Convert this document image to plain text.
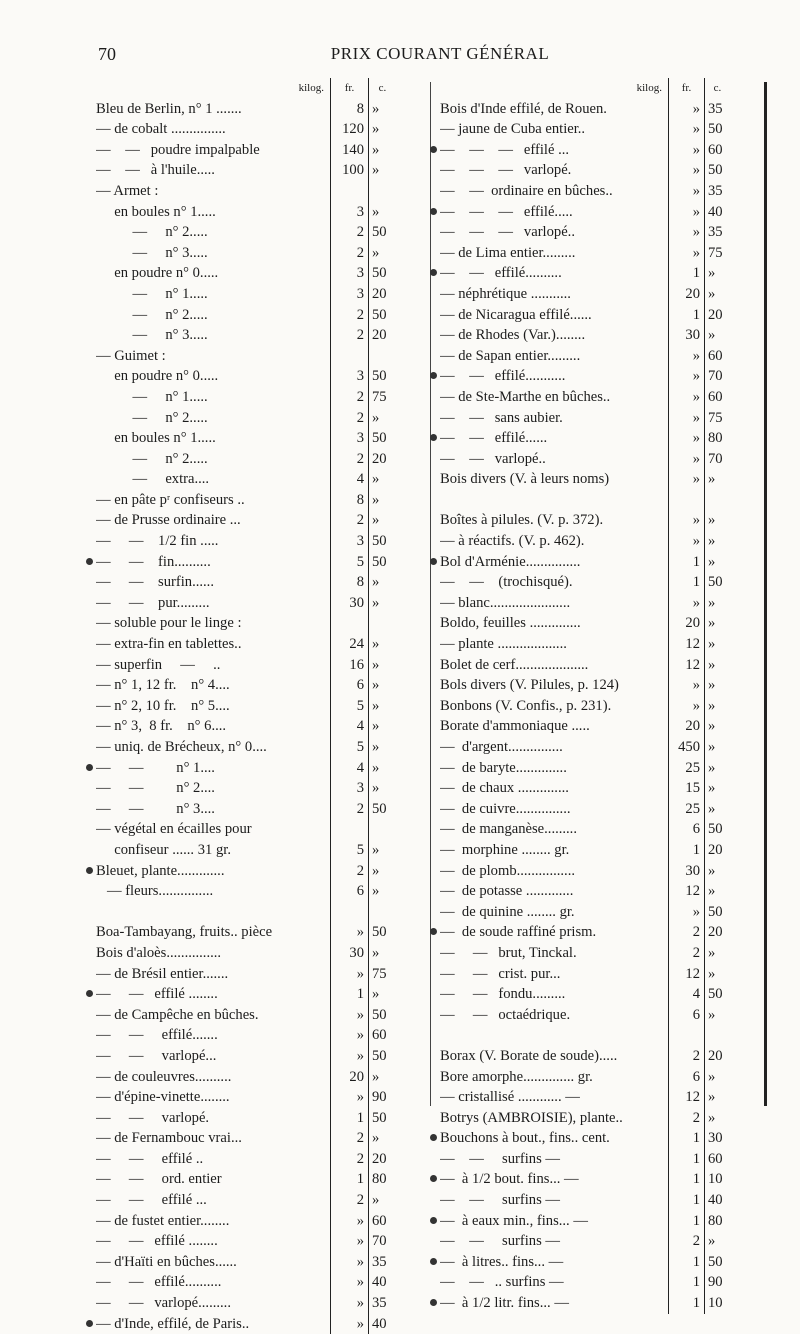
70	PRIX COURANT GÉNÉRAL
kilog.	fr.	c.
Bleu de Berlin, n° 1 .......	8 »
— de cobalt ...............	120 »
—    —   poudre impalpable	140 »
—    —   à l'huile.....	100 »
— Armet :
en boules n° 1.....	3 »
—     n° 2.....	2 50
—     n° 3.....	2 »
en poudre n° 0.....	3 50
—     n° 1.....	3 20
—     n° 2.....	2 50
—     n° 3.....	2 20
— Guimet :
en poudre n° 0.....	3 50
—     n° 1.....	2 75
—     n° 2.....	2 »
en boules n° 1.....	3 50
—     n° 2.....	2 20
—     extra....	4 »
— en pâte pʳ confiseurs ..	8 »
— de Prusse ordinaire ...	2 »
—     —    1/2 fin .....	3 50
—     —    fin..........	5 50
—     —    surfin......	8 »
—     —    pur.........	30 »
— soluble pour le linge :
— extra-fin en tablettes..	24 »
— superfin     —     ..	16 »
— n° 1, 12 fr.    n° 4....	6 »
— n° 2, 10 fr.    n° 5....	5 »
— n° 3,  8 fr.    n° 6....	4 »
— uniq. de Brécheux, n° 0....	5 »
—     —         n° 1....	4 »
—     —         n° 2....	3 »
—     —         n° 3....	2 50
— végétal en écailles pour
confiseur ...... 31 gr.	5 »
Bleuet, plante.............	2 »
— fleurs...............	6 »
Boa-Tambayang, fruits.. pièce	» 50
Bois d'aloès...............	30 »
— de Brésil entier.......	» 75
—     —   effilé ........	1 »
— de Campêche en bûches.	» 50
—     —     effilé.......	» 60
—     —     varlopé...	» 50
— de couleuvres..........	20 »
— d'épine-vinette........	» 90
—     —     varlopé.	1 50
— de Fernambouc vrai...	2 »
—     —     effilé ..	2 20
—     —     ord. entier	1 80
—     —     effilé ...	2 »
— de fustet entier........	» 60
—     —   effilé ........	» 70
— d'Haïti en bûches......	» 35
—     —   effilé..........	» 40
—     —   varlopé.........	» 35
— d'Inde, effilé, de Paris..	» 40
kilog.	fr.	c.
Bois d'Inde effilé, de Rouen.	» 35
— jaune de Cuba entier..	» 50
—    —    —   effilé ...	» 60
—    —    —   varlopé.	» 50
—    —  ordinaire en bûches..	» 35
—    —    —   effilé.....	» 40
—    —    —   varlopé..	» 35
— de Lima entier.........	» 75
—    —   effilé..........	1 »
— néphrétique ...........	20 »
— de Nicaragua effilé......	1 20
— de Rhodes (Var.)........	30 »
— de Sapan entier.........	» 60
—    —   effilé...........	» 70
— de Ste-Marthe en bûches..	» 60
—    —   sans aubier.	» 75
—    —   effilé......	» 80
—    —   varlopé..	» 70
Bois divers (V. à leurs noms)	» »
Boîtes à pilules. (V. p. 372).	» »
— à réactifs. (V. p. 462).	» »
Bol d'Arménie...............	1 »
—    —    (trochisqué).	1 50
— blanc......................	» »
Boldo, feuilles ..............	20 »
— plante ...................	12 »
Bolet de cerf....................	12 »
Bols divers (V. Pilules, p. 124)	» »
Bonbons (V. Confis., p. 231).	» »
Borate d'ammoniaque .....	20 »
—  d'argent...............	450 »
—  de baryte..............	25 »
—  de chaux ..............	15 »
—  de cuivre...............	25 »
—  de manganèse.........	6 50
—  morphine ........ gr.	1 20
—  de plomb................	30 »
—  de potasse .............	12 »
—  de quinine ........ gr.	» 50
—  de soude raffiné prism.	2 20
—     —   brut, Tinckal.	2 »
—     —   crist. pur...	12 »
—     —   fondu.........	4 50
—     —   octaédrique.	6 »
Borax (V. Borate de soude).....	2 20
Bore amorphe.............. gr.	6 »
— cristallisé ............ —	12 »
Botrys (AMBROISIE), plante..	2 »
Bouchons à bout., fins.. cent.	1 30
—    —     surfins —	1 60
—  à 1/2 bout. fins... —	1 10
—    —     surfins —	1 40
—  à eaux min., fins... —	1 80
—    —     surfins —	2 »
—  à litres.. fins... —	1 50
—    —   .. surfins —	1 90
—  à 1/2 litr. fins... —	1 10
